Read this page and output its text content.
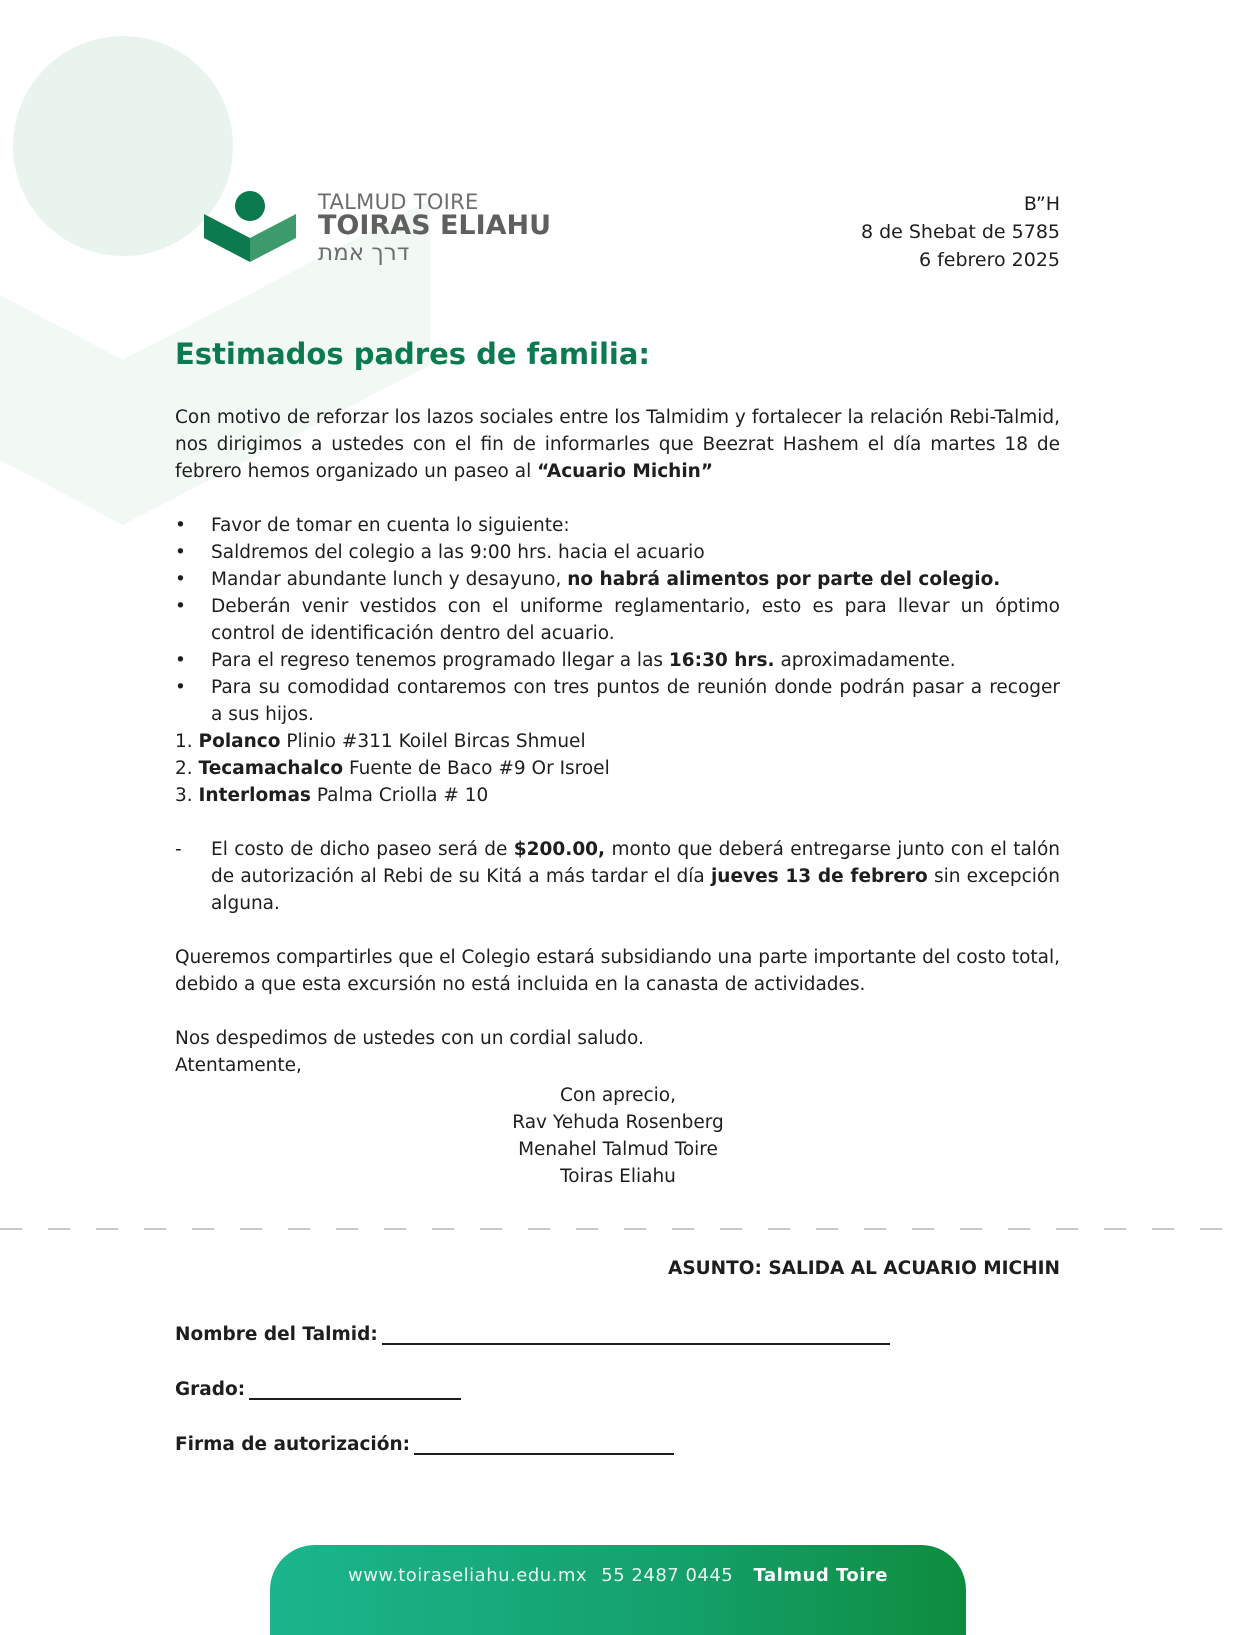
TALMUD TOIRE
TOIRAS ELIAHU
דרך אמת
B”H
8 de Shebat de 5785
6 febrero 2025
Estimados padres de familia:

Con motivo de reforzar los lazos sociales entre los Talmidim y fortalecer la relación Rebi-Talmid, nos dirigimos a ustedes con el fin de informarles que Beezrat Hashem el día martes 18 de febrero hemos organizado un paseo al “Acuario Michin”

•	Favor de tomar en cuenta lo siguiente:
•	Saldremos del colegio a las 9:00 hrs. hacia el acuario
•	Mandar abundante lunch y desayuno, no habrá alimentos por parte del colegio.
•	Deberán venir vestidos con el uniforme reglamentario, esto es para llevar un óptimo control de identificación dentro del acuario.
•	Para el regreso tenemos programado llegar a las 16:30 hrs. aproximadamente.
•	Para su comodidad contaremos con tres puntos de reunión donde podrán pasar a recoger a sus hijos.
1. Polanco Plinio #311 Koilel Bircas Shmuel
2. Tecamachalco Fuente de Baco #9 Or Isroel
3. Interlomas Palma Criolla # 10
-	El costo de dicho paseo será de $200.00, monto que deberá entregarse junto con el talón de autorización al Rebi de su Kitá a más tardar el día jueves 13 de febrero sin excepción alguna.

Queremos compartirles que el Colegio estará subsidiando una parte importante del costo total, debido a que esta excursión no está incluida en la canasta de actividades.

Nos despedimos de ustedes con un cordial saludo.

Atentamente,

Con aprecio,
Rav Yehuda Rosenberg
Menahel Talmud Toire
Toiras Eliahu
ASUNTO: SALIDA AL ACUARIO MICHIN
Nombre del Talmid:
Grado:
Firma de autorización:
www.toiraseliahu.edu.mx 55 2487 0445 Talmud Toire
